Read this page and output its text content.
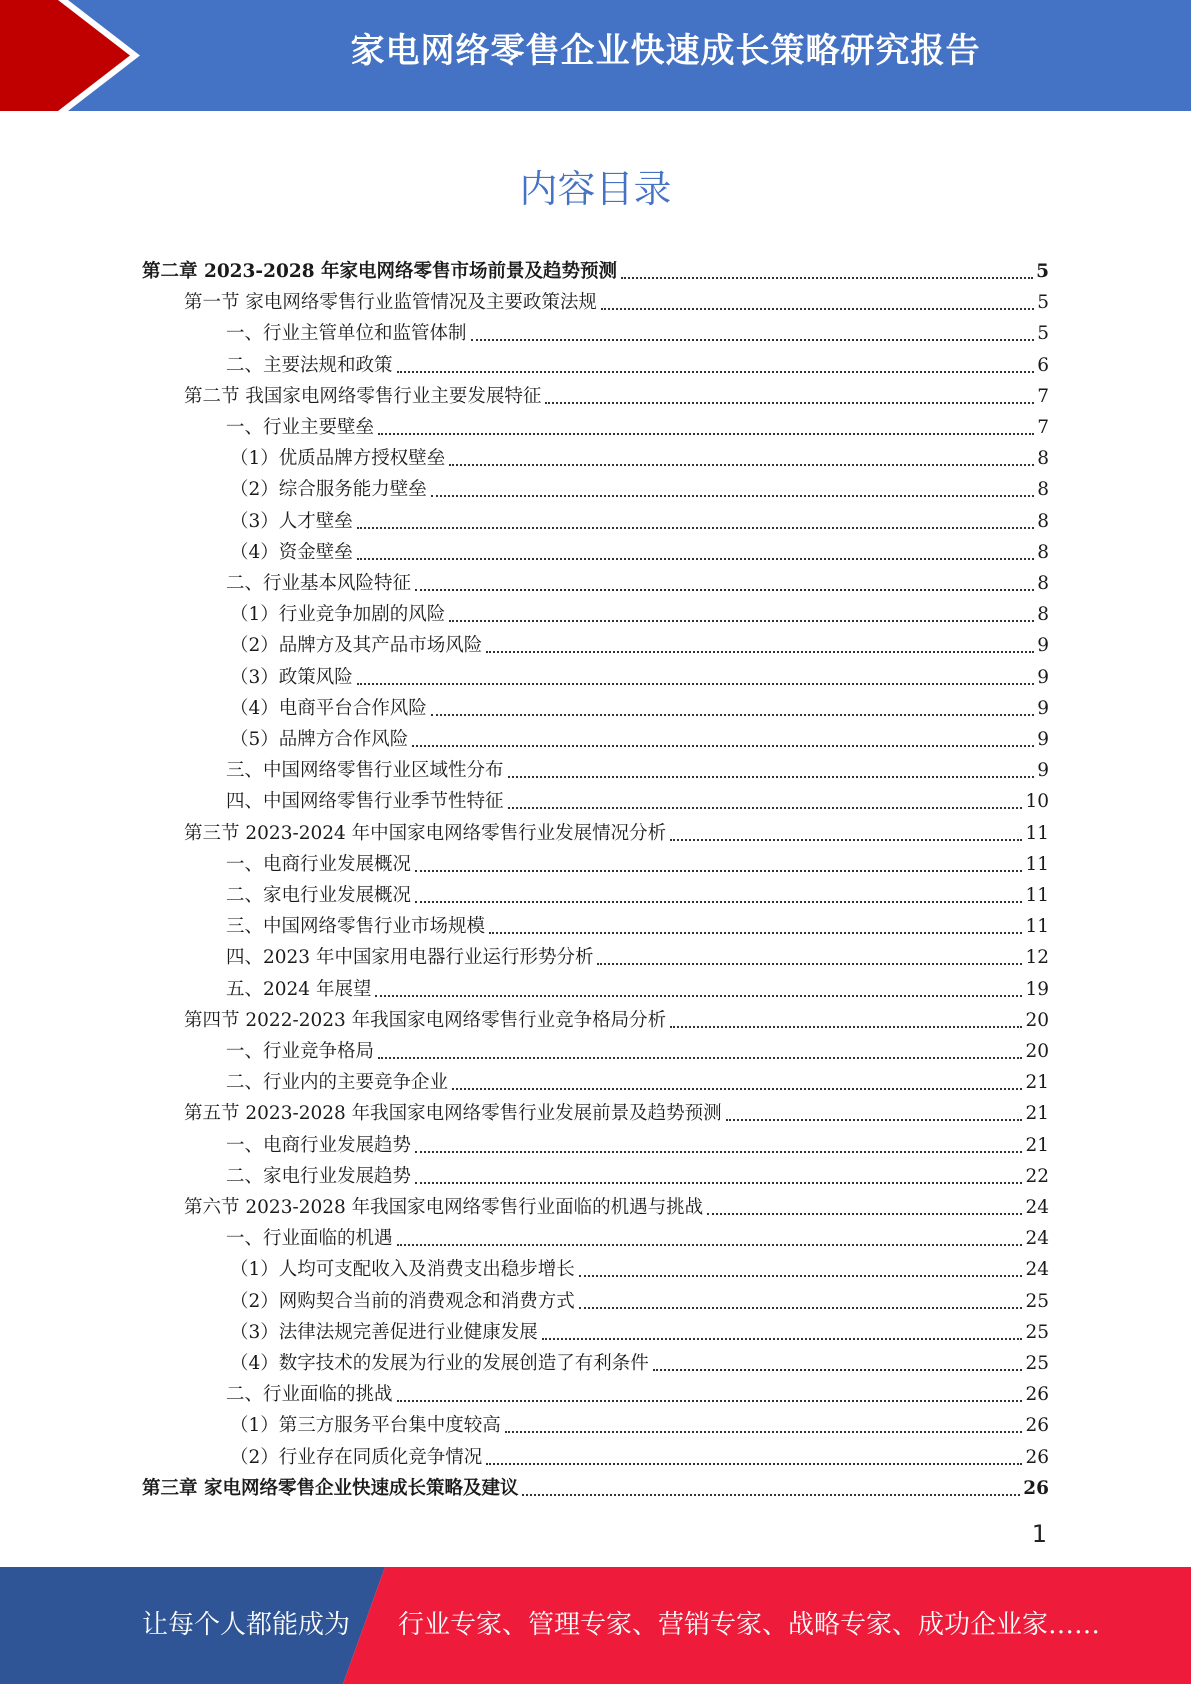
家电网络零售企业快速成长策略研究报告
内容目录
第二章 2023-2028 年家电网络零售市场前景及趋势预测	5
第一节 家电网络零售行业监管情况及主要政策法规	5
一、行业主管单位和监管体制	5
二、主要法规和政策	6
第二节 我国家电网络零售行业主要发展特征	7
一、行业主要壁垒	7
（1）优质品牌方授权壁垒	8
（2）综合服务能力壁垒	8
（3）人才壁垒	8
（4）资金壁垒	8
二、行业基本风险特征	8
（1）行业竞争加剧的风险	8
（2）品牌方及其产品市场风险	9
（3）政策风险	9
（4）电商平台合作风险	9
（5）品牌方合作风险	9
三、中国网络零售行业区域性分布	9
四、中国网络零售行业季节性特征	10
第三节 2023-2024 年中国家电网络零售行业发展情况分析	11
一、电商行业发展概况	11
二、家电行业发展概况	11
三、中国网络零售行业市场规模	11
四、2023 年中国家用电器行业运行形势分析	12
五、2024 年展望	19
第四节 2022-2023 年我国家电网络零售行业竞争格局分析	20
一、行业竞争格局	20
二、行业内的主要竞争企业	21
第五节 2023-2028 年我国家电网络零售行业发展前景及趋势预测	21
一、电商行业发展趋势	21
二、家电行业发展趋势	22
第六节 2023-2028 年我国家电网络零售行业面临的机遇与挑战	24
一、行业面临的机遇	24
（1）人均可支配收入及消费支出稳步增长	24
（2）网购契合当前的消费观念和消费方式	25
（3）法律法规完善促进行业健康发展	25
（4）数字技术的发展为行业的发展创造了有利条件	25
二、行业面临的挑战	26
（1）第三方服务平台集中度较高	26
（2）行业存在同质化竞争情况	26
第三章 家电网络零售企业快速成长策略及建议	26
1
让每个人都能成为 行业专家、管理专家、营销专家、战略专家、成功企业家……
